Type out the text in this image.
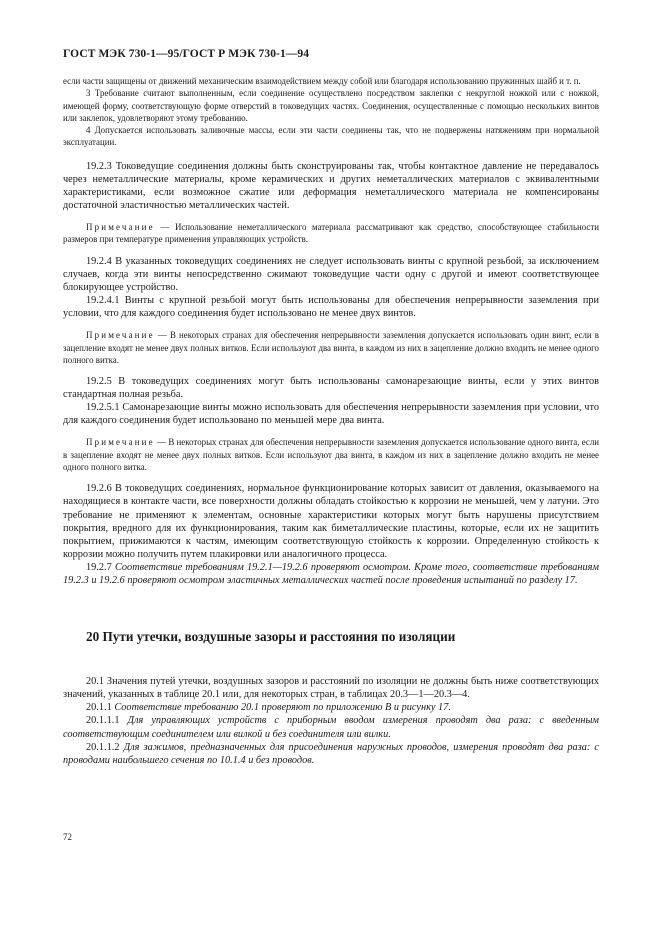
ГОСТ МЭК 730-1—95/ГОСТ Р МЭК 730-1—94

если части защищены от движений механическим взаимодействием между собой или благодаря использованию пружинных шайб и т. п.

3 Требование считают выполненным, если соединение осуществлено посредством заклепки с некруглой ножкой или с ножкой, имеющей форму, соответствующую форме отверстий в токоведущих частях. Соединения, осуществленные с помощью нескольких винтов или заклепок, удовлетворяют этому требованию.

4 Допускается использовать заливочные массы, если эти части соединены так, что не подвержены натяжениям при нормальной эксплуатации.

19.2.3 Токоведущие соединения должны быть сконструированы так, чтобы контактное давление не передавалось через неметаллические материалы, кроме керамических и других неметаллических материалов с эквивалентными характеристиками, если возможное сжатие или деформация неметаллического материала не компенсированы достаточной эластичностью металлических частей.

Примечание — Использование неметаллического материала рассматривают как средство, способствующее стабильности размеров при температуре применения управляющих устройств.

19.2.4 В указанных токоведущих соединениях не следует использовать винты с крупной резьбой, за исключением случаев, когда эти винты непосредственно сжимают токоведущие части одну с другой и имеют соответствующее блокирующее устройство.

19.2.4.1 Винты с крупной резьбой могут быть использованы для обеспечения непрерывности заземления при условии, что для каждого соединения будет использовано не менее двух винтов.

Примечание — В некоторых странах для обеспечения непрерывности заземления допускается использовать один винт, если в зацепление входят не менее двух полных витков. Если используют два винта, в каждом из них в зацепление должно входить не менее одного полного витка.

19.2.5 В токоведущих соединениях могут быть использованы самонарезающие винты, если у этих винтов стандартная полная резьба.

19.2.5.1 Самонарезающие винты можно использовать для обеспечения непрерывности заземления при условии, что для каждого соединения будет использовано по меньшей мере два винта.

Примечание — В некоторых странах для обеспечения непрерывности заземления допускается использование одного винта, если в зацепление входят не менее двух полных витков. Если используют два винта, в каждом из них в зацепление должно входить не менее одного полного витка.

19.2.6 В токоведущих соединениях, нормальное функционирование которых зависит от давления, оказываемого на находящиеся в контакте части, все поверхности должны обладать стойкостью к коррозии не меньшей, чем у латуни. Это требование не применяют к элементам, основные характеристики которых могут быть нарушены присутствием покрытия, вредного для их функционирования, таким как биметаллические пластины, которые, если их не защитить покрытием, прижимаются к частям, имеющим соответствующую стойкость к коррозии. Определенную стойкость к коррозии можно получить путем плакировки или аналогичного процесса.

19.2.7 Соответствие требованиям 19.2.1—19.2.6 проверяют осмотром. Кроме того, соответствие требованиям 19.2.3 и 19.2.6 проверяют осмотром эластичных металлических частей после проведения испытаний по разделу 17.

20 Пути утечки, воздушные зазоры и расстояния по изоляции

20.1 Значения путей утечки, воздушных зазоров и расстояний по изоляции не должны быть ниже соответствующих значений, указанных в таблице 20.1 или, для некоторых стран, в таблицах 20.3—1—20.3—4.

20.1.1 Соответствие требованию 20.1 проверяют по приложению В и рисунку 17.

20.1.1.1 Для управляющих устройств с приборным вводом измерения проводят два раза: с введенным соответствующим соединителем или вилкой и без соединителя или вилки.

20.1.1.2 Для зажимов, предназначенных для присоединения наружных проводов, измерения проводят два раза: с проводами наибольшего сечения по 10.1.4 и без проводов.

72
